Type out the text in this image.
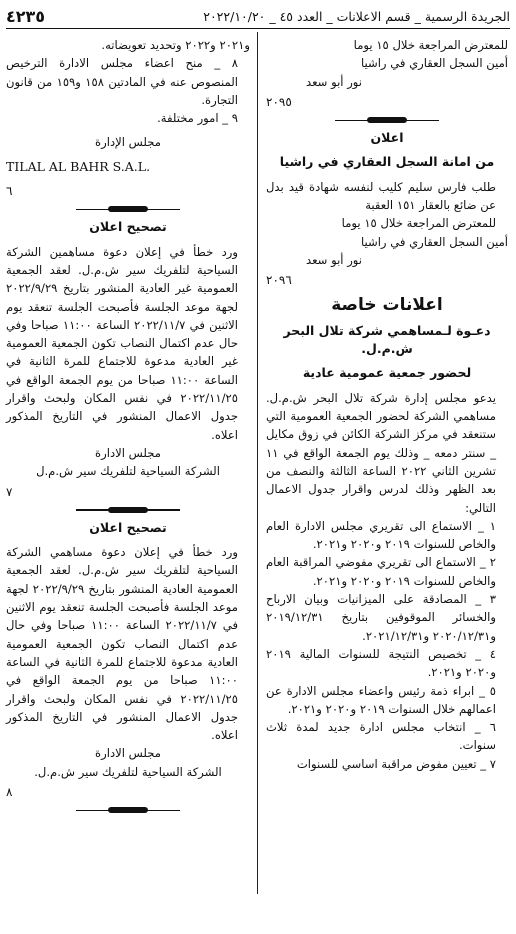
٤٢٣٥	الجريدة الرسمية _ قسم الاعلانات _ العدد ٤٥ _ ٢٠٢٢/١٠/٢٠

للمعترض المراجعة خلال ١٥ يوما

أمين السجل العقاري في راشيا

نور أبو سعد

٢٠٩٥

اعلان

من امانة السجل العقاري في راشيا

طلب فارس سليم كليب لنفسه شهادة قيد بدل عن ضائع بالعقار ١٥١ العقبة

للمعترض المراجعة خلال ١٥ يوما

أمين السجل العقاري في راشيا

نور أبو سعد

٢٠٩٦

اعلانات خاصة

دعـوة لـمساهمي شركة تلال البحر ش.م.ل.

لحضور جمعية عمومية عادية

يدعو مجلس إدارة شركة تلال البحر ش.م.ل. مساهمي الشركة لحضور الجمعية العمومية التي ستنعقد في مركز الشركة الكائن في زوق مكايل _ سنتر دمعه _ وذلك يوم الجمعة الواقع في ١١ تشرين الثاني ٢٠٢٢ الساعة الثالثة والنصف من بعد الظهر وذلك لدرس واقرار جدول الاعمال التالي:

١ _ الاستماع الى تقريري مجلس الادارة العام والخاص للسنوات ٢٠١٩ و٢٠٢٠ و٢٠٢١.

٢ _ الاستماع الى تقريري مفوضي المراقبة العام والخاص للسنوات ٢٠١٩ و٢٠٢٠ و٢٠٢١.

٣ _ المصادقة على الميزانيات وبيان الارباح والخسائر الموقوفين بتاريخ ٢٠١٩/١٢/٣١ و٢٠٢٠/١٢/٣١ و٢٠٢١/١٢/٣١.

٤ _ تخصيص النتيجة للسنوات المالية ٢٠١٩ و٢٠٢٠ و٢٠٢١.

٥ _ ابراء ذمة رئيس واعضاء مجلس الادارة عن اعمالهم خلال السنوات ٢٠١٩ و٢٠٢٠ و٢٠٢١.

٦ _ انتخاب مجلس ادارة جديد لمدة ثلاث سنوات.

٧ _ تعيين مفوض مراقبة اساسي للسنوات

و٢٠٢١ و٢٠٢٢ وتحديد تعويضاته.

٨ _ منح اعضاء مجلس الادارة الترخيص المنصوص عنه في المادتين ١٥٨ و١٥٩ من قانون التجارة.

٩ _ امور مختلفة.

مجلس الإدارة

TILAL AL BAHR S.A.L.

٦

تصحيح اعلان

ورد خطأ في إعلان دعوة مساهمين الشركة السياحية لتلفريك سير ش.م.ل. لعقد الجمعية العمومية غير العادية المنشور بتاريخ ٢٠٢٢/٩/٢٩ لجهة موعد الجلسة فأصبحت الجلسة تنعقد يوم الاثنين في ٢٠٢٢/١١/٧ الساعة ١١:٠٠ صباحا وفي حال عدم اكتمال النصاب تكون الجمعية العمومية غير العادية مدعوة للاجتماع للمرة الثانية في الساعة ١١:٠٠ صباحا من يوم الجمعة الواقع في ٢٠٢٢/١١/٢٥ في نفس المكان ولبحث واقرار جدول الاعمال المنشور في التاريخ المذكور اعلاه.

مجلس الادارة

الشركة السياحية لتلفريك سير ش.م.ل

٧

تصحيح اعلان

ورد خطأ في إعلان دعوة مساهمي الشركة السياحية لتلفريك سير ش.م.ل. لعقد الجمعية العمومية العادية المنشور بتاريخ ٢٠٢٢/٩/٢٩ لجهة موعد الجلسة فأصبحت الجلسة تنعقد يوم الاثنين في ٢٠٢٢/١١/٧ الساعة ١١:٠٠ صباحا وفي حال عدم اكتمال النصاب تكون الجمعية العمومية العادية مدعوة للاجتماع للمرة الثانية في الساعة ١١:٠٠ صباحا من يوم الجمعة الواقع في ٢٠٢٢/١١/٢٥ في نفس المكان ولبحث واقرار جدول الاعمال المنشور في التاريخ المذكور اعلاه.

مجلس الادارة

الشركة السياحية لتلفريك سير ش.م.ل.

٨
